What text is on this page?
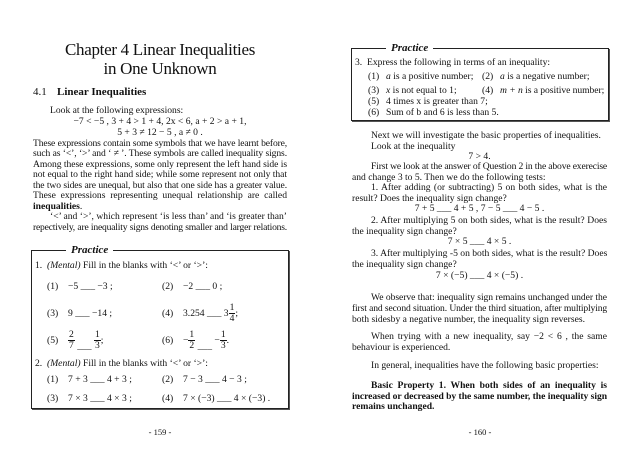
Chapter 4 Linear Inequalities
in One Unknown
4.1 Linear Inequalities
Look at the following expressions:
−7 < −5 , 3 + 4 > 1 + 4, 2x < 6, a + 2 > a + 1,
5 + 3 ≠ 12 − 5 , a ≠ 0 .
These expressions contain some symbols that we have learnt before,
such as ‘<’, ‘>’ and ‘ ≠ ’. These symbols are called inequality signs.
Among these expressions, some only represent the left hand side is
not equal to the right hand side; while some represent not only that
the two sides are unequal, but also that one side has a greater value.
These expressions representing unequal relationship are called
inequalities.
‘<’ and ‘>’, which represent ‘is less than’ and ‘is greater than’
repectively, are inequality signs denoting smaller and larger relations.
Practice
1. (Mental) Fill in the blanks with ‘<’ or ‘>’:
(1) −5 ___ −3 ;	(2) −2 ___ 0 ;
(3) 9 ___ −14 ;	(4) 3.254 ___ $3 \frac{1}{4}$ ;
$(5) \frac{2}{7}$ ___ $\frac{1}{3}$ ;	$(6) - \frac{1}{2}$ ___ − $\frac{1}{3}$ .
2. (Mental) Fill in the blanks with ‘<’ or ‘>’:
(1) 7 + 3 ___ 4 + 3 ;	(2) 7 − 3 ___ 4 − 3 ;
(3) 7 × 3 ___ 4 × 3 ;	(4) 7 × (−3) ___ 4 × (−3) .
- 159 -
Practice
3. Express the following in terms of an inequality:
(1) a is a positive number; (2) a is a negative number;
(3) x is not equal to 1;	(4) m + n is a positive number;
(5) 4 times x is greater than 7;
(6) Sum of b and 6 is less than 5.
Next we will investigate the basic properties of inequalities.
Look at the inequality
7 > 4.
First we look at the answer of Question 2 in the above exerecise
and change 3 to 5. Then we do the following tests:
1. After adding (or subtracting) 5 on both sides, what is the
result? Does the inequality sign change?
7 + 5 ___ 4 + 5 , 7 − 5 ___ 4 − 5 .
2. After multiplying 5 on both sides, what is the result? Does
the inequality sign change?
7 × 5 ___ 4 × 5 .
3. After multiplying -5 on both sides, what is the result? Does
the inequality sign change?
7 × (−5) ___ 4 × (−5) .
We observe that: inequality sign remains unchanged under the
first and second situation. Under the third situation, after multiplying
both sidesby a negative number, the inequality sign reverses.
When trying with a new inequality, say −2 < 6 , the same
behaviour is experienced.
In general, inequalities have the following basic properties:
Basic Property 1. When both sides of an inequality is
increased or decreased by the same number, the inequality sign
remains unchanged.
- 160 -
